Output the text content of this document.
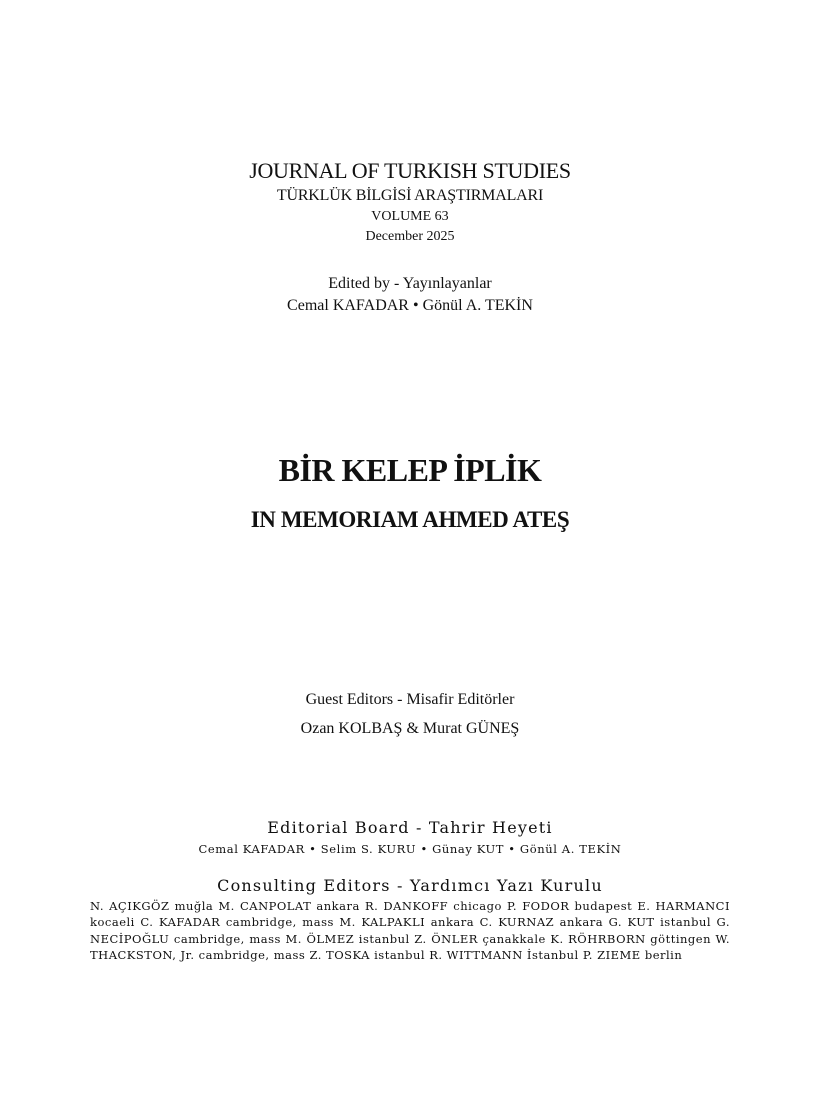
JOURNAL OF TURKISH STUDIES
TÜRKLÜK BİLGİSİ ARAŞTIRMALARI
VOLUME 63
December 2025
Edited by - Yayınlayanlar
Cemal KAFADAR • Gönül A. TEKİN
BİR KELEP İPLİK
IN MEMORIAM AHMED ATEŞ
Guest Editors - Misafir Editörler
Ozan KOLBAŞ & Murat GÜNEŞ
Editorial Board - Tahrir Heyeti
Cemal KAFADAR • Selim S. KURU • Günay KUT • Gönül A. TEKİN
Consulting Editors - Yardımcı Yazı Kurulu
N. AÇIKGÖZ muğla M. CANPOLAT ankara R. DANKOFF chicago P. FODOR budapest E. HARMANCI kocaeli C. KAFADAR cambridge, mass M. KALPAKLI ankara C. KURNAZ ankara G. KUT istanbul G. NECİPOĞLU cambridge, mass M. ÖLMEZ istanbul Z. ÖNLER çanakkale K. RÖHRBORN göttingen W. THACKSTON, Jr. cambridge, mass Z. TOSKA istanbul R. WITTMANN İstanbul P. ZIEME berlin
